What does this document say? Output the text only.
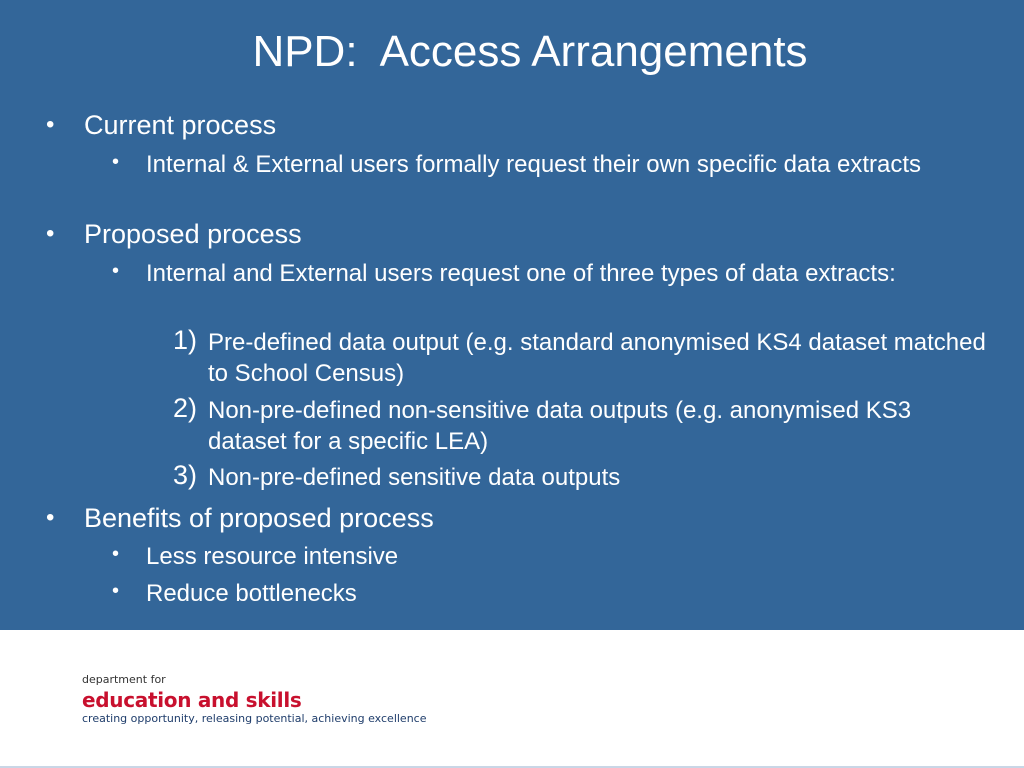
NPD:  Access Arrangements
• Current process
• Internal & External users formally request their own specific data extracts
• Proposed process
• Internal and External users request one of three types of data extracts:
1) Pre-defined data output (e.g. standard anonymised KS4 dataset matched to School Census)
2) Non-pre-defined non-sensitive data outputs (e.g. anonymised KS3 dataset for a specific LEA)
3) Non-pre-defined sensitive data outputs
• Benefits of proposed process
• Less resource intensive
• Reduce bottlenecks
department for
education and skills
creating opportunity, releasing potential, achieving excellence
